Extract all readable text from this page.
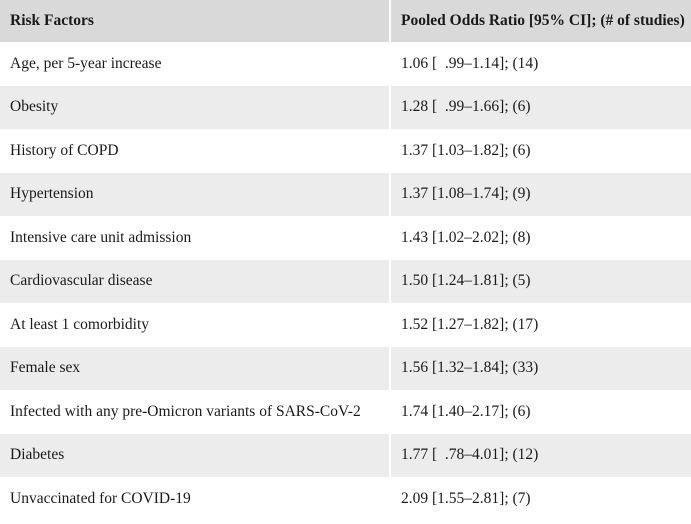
Risk Factors	Pooled Odds Ratio [95% CI]; (# of studies)
Age, per 5-year increase	1.06 [  .99–1.14]; (14)
Obesity	1.28 [  .99–1.66]; (6)
History of COPD	1.37 [1.03–1.82]; (6)
Hypertension	1.37 [1.08–1.74]; (9)
Intensive care unit admission	1.43 [1.02–2.02]; (8)
Cardiovascular disease	1.50 [1.24–1.81]; (5)
At least 1 comorbidity	1.52 [1.27–1.82]; (17)
Female sex	1.56 [1.32–1.84]; (33)
Infected with any pre-Omicron variants of SARS-CoV-2	1.74 [1.40–2.17]; (6)
Diabetes	1.77 [  .78–4.01]; (12)
Unvaccinated for COVID-19	2.09 [1.55–2.81]; (7)
